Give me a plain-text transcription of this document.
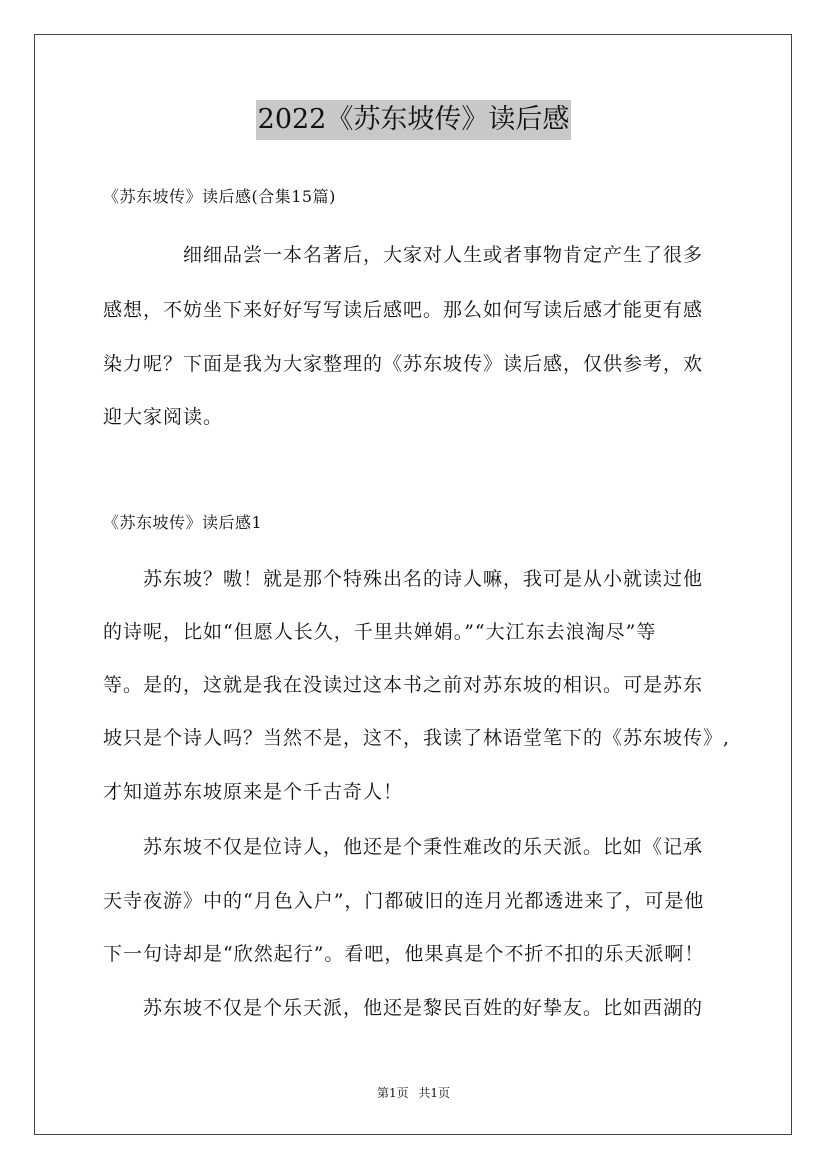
2022《苏东坡传》读后感
《苏东坡传》读后感(合集15篇)
细细品尝一本名著后，大家对人生或者事物肯定产生了很多
感想，不妨坐下来好好写写读后感吧。那么如何写读后感才能更有感
染力呢？下面是我为大家整理的《苏东坡传》读后感，仅供参考，欢
迎大家阅读。
《苏东坡传》读后感1
苏东坡？嗷！就是那个特殊出名的诗人嘛，我可是从小就读过他
的诗呢，比如“但愿人长久，千里共婵娟。”“大江东去浪淘尽”等
等。是的，这就是我在没读过这本书之前对苏东坡的相识。可是苏东
坡只是个诗人吗？当然不是，这不，我读了林语堂笔下的《苏东坡传》,
才知道苏东坡原来是个千古奇人！
苏东坡不仅是位诗人，他还是个秉性难改的乐天派。比如《记承
天寺夜游》中的“月色入户”，门都破旧的连月光都透进来了，可是他
下一句诗却是“欣然起行”。看吧，他果真是个不折不扣的乐天派啊！
苏东坡不仅是个乐天派，他还是黎民百姓的好挚友。比如西湖的
第1页 共1页
